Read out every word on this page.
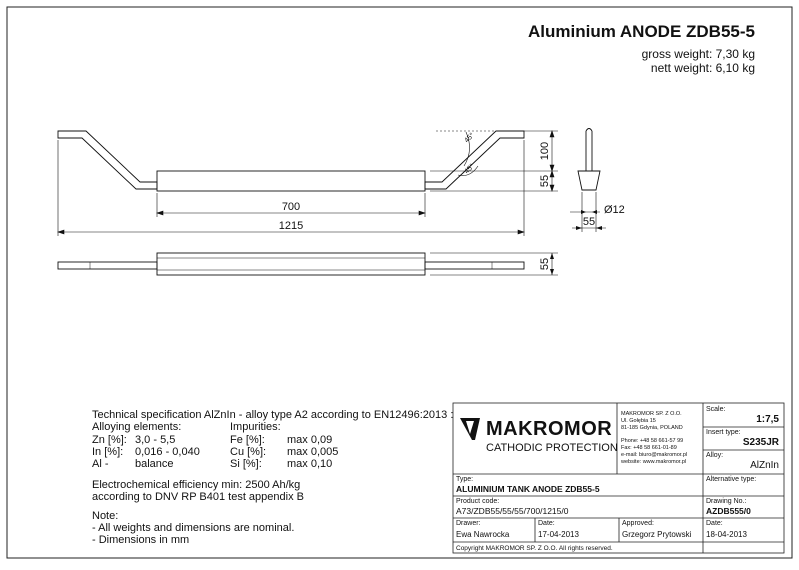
700
1215
100
55
55
55
Ø12
45°
45°
Aluminium ANODE ZDB55-5
gross weight: 7,30 kg
nett weight: 6,10 kg
Technical specification AlZnIn - alloy type A2 according to EN12496:2013 :
Alloying elements:	Impurities:
Zn [%]: 3,0 - 5,5
In [%]: 0,016 - 0,040
Al - balance
Fe [%]: max 0,09
Cu [%]: max 0,005
Si [%]: max 0,10
Electrochemical efficiency min: 2500 Ah/kg
according to DNV RP B401 test appendix B
Note:
- All weights and dimensions are nominal.
- Dimensions in mm
MAKROMOR
CATHODIC PROTECTION
MAKROMOR SP. Z O.O.
Ul. Gołębia 15
81-185 Gdynia, POLAND
Phone: +48 58 661-57 99
Fax: +48 58 661-01-89
e-mail: biuro@makromor.pl
website: www.makromor.pl
Scale:
1:7,5
Insert type:
S235JR
Alloy:
AlZnIn
Type:
ALUMINIUM TANK ANODE ZDB55-5
Alternative type:
Product code:
A73/ZDB55/55/55/700/1215/0
Drawing No.:
AZDB555/0
Drawer:
Ewa Nawrocka
Date:
17-04-2013
Approved:
Grzegorz Prytowski
Date:
18-04-2013
Copyright MAKROMOR SP. Z O.O. All rights reserved.
